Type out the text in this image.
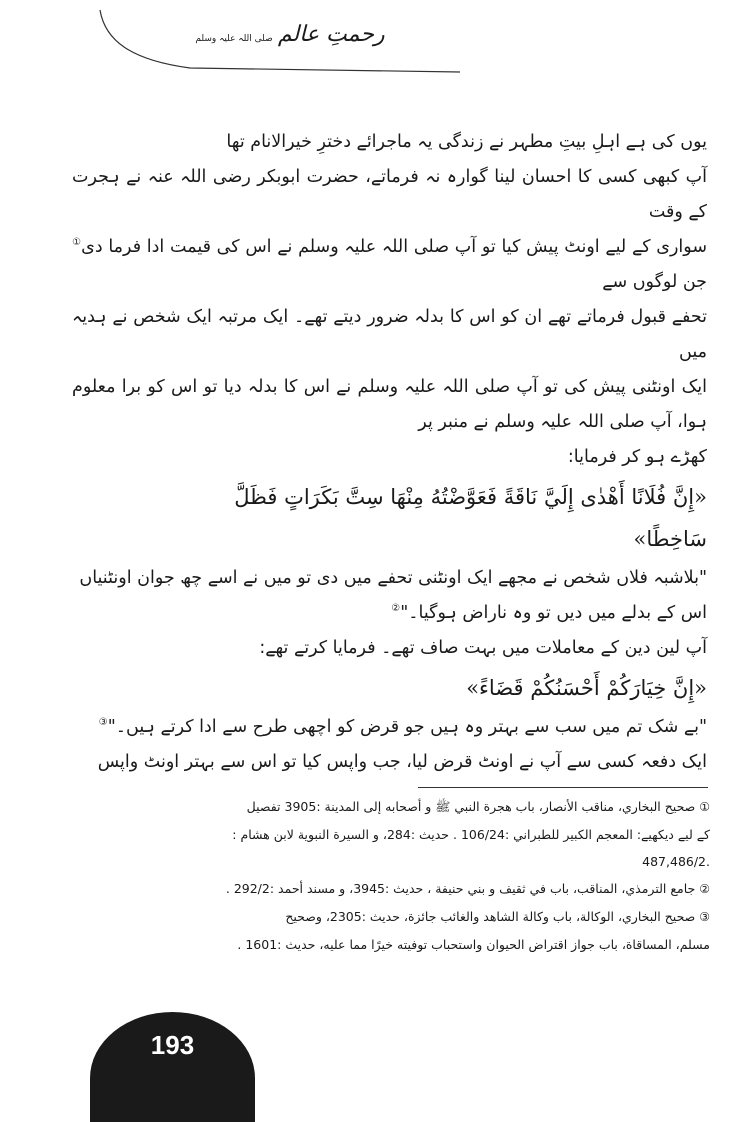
رحمتِ عالم صلی اللہ علیہ وسلم

یوں کی ہے اہلِ بیتِ مطہر نے زندگی یہ ماجرائے دخترِ خیرالانام تھا
آپ کبھی کسی کا احسان لینا گوارہ نہ فرماتے، حضرت ابوبکر رضی اللہ عنہ نے ہجرت کے وقت
سواری کے لیے اونٹ پیش کیا تو آپ صلی اللہ علیہ وسلم نے اس کی قیمت ادا فرما دی① جن لوگوں سے
تحفے قبول فرماتے تھے ان کو اس کا بدلہ ضرور دیتے تھے۔ ایک مرتبہ ایک شخص نے ہدیہ میں
ایک اونٹنی پیش کی تو آپ صلی اللہ علیہ وسلم نے اس کا بدلہ دیا تو اس کو برا معلوم ہوا، آپ صلی اللہ علیہ وسلم نے منبر پر
کھڑے ہو کر فرمایا:

«إِنَّ فُلَانًا أَهْدٰى إِلَيَّ نَاقَةً فَعَوَّضْتُهُ مِنْهَا سِتَّ بَكَرَاتٍ فَظَلَّ
سَاخِطًا»
"بلاشبہ فلاں شخص نے مجھے ایک اونٹنی تحفے میں دی تو میں نے اسے چھ جوان اونٹنیاں
اس کے بدلے میں دیں تو وہ ناراض ہوگیا۔"②
آپ لین دین کے معاملات میں بہت صاف تھے۔ فرمایا کرتے تھے:
«إِنَّ خِيَارَكُمْ أَحْسَنُكُمْ قَضَاءً»
"بے شک تم میں سب سے بہتر وہ ہیں جو قرض کو اچھی طرح سے ادا کرتے ہیں۔"③
ایک دفعہ کسی سے آپ نے اونٹ قرض لیا، جب واپس کیا تو اس سے بہتر اونٹ واپس

① صحيح البخاري، مناقب الأنصار، باب هجرة النبي ﷺ و أصحابه إلى المدينة :3905 تفصیل
کے لیے دیکھیے: المعجم الكبير للطبراني :106/24 . حديث :284، و السيرة النبوية لابن هشام :
.487,486/2

② جامع الترمذي، المناقب، باب في ثقيف و بني حنيفة ، حديث :3945، و مسند أحمد :292/2 .

③ صحيح البخاري، الوكالة، باب وكالة الشاهد والغائب جائزة، حديث :2305، وصحيح
مسلم، المساقاة، باب جواز اقتراض الحيوان واستحباب توفيته خيرًا مما عليه، حديث :1601 .

193
